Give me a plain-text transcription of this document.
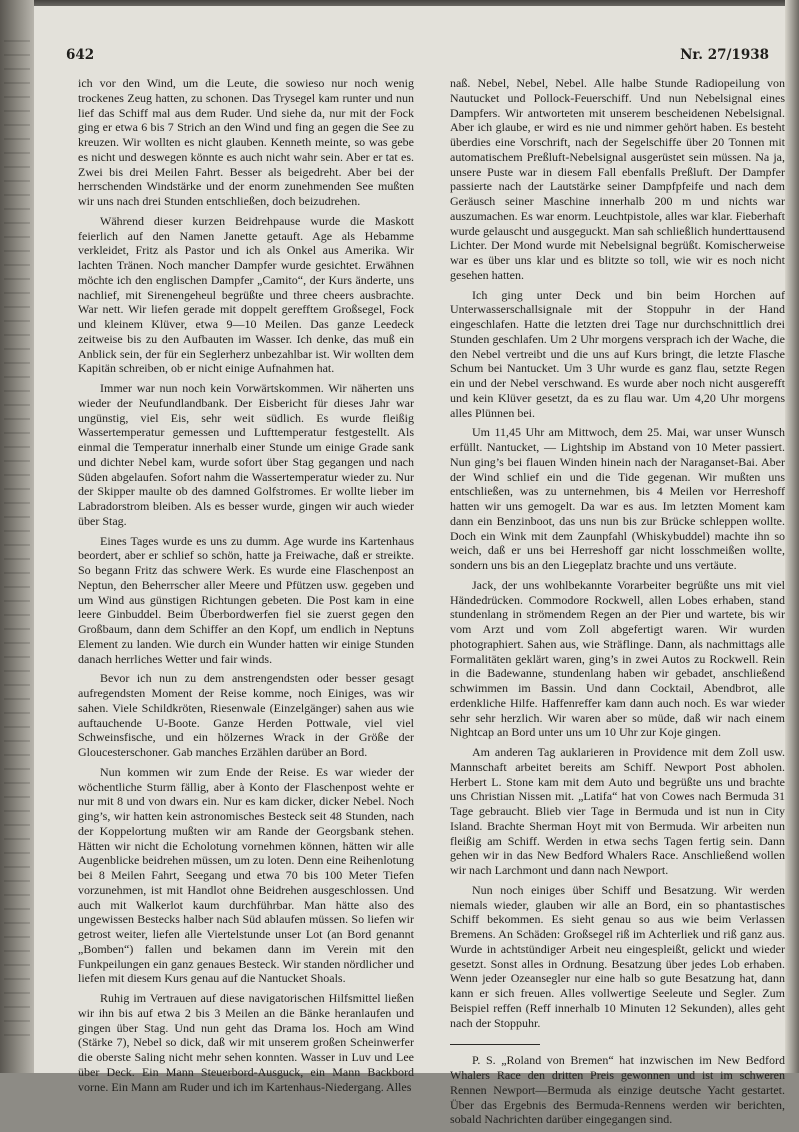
642	Nr. 27/1938

ich vor den Wind, um die Leute, die sowieso nur noch wenig trockenes Zeug hatten, zu schonen. Das Trysegel kam runter und nun lief das Schiff mal aus dem Ruder. Und siehe da, nur mit der Fock ging er etwa 6 bis 7 Strich an den Wind und fing an gegen die See zu kreuzen. Wir wollten es nicht glauben. Kenneth meinte, so was gebe es nicht und deswegen könnte es auch nicht wahr sein. Aber er tat es. Zwei bis drei Meilen Fahrt. Besser als beigedreht. Aber bei der herrschenden Windstärke und der enorm zunehmenden See mußten wir uns nach drei Stunden entschließen, doch beizudrehen.

Während dieser kurzen Beidrehpause wurde die Maskott feierlich auf den Namen Janette getauft. Age als Hebamme verkleidet, Fritz als Pastor und ich als Onkel aus Amerika. Wir lachten Tränen. Noch mancher Dampfer wurde gesichtet. Erwähnen möchte ich den englischen Dampfer „Camito“, der Kurs änderte, uns nachlief, mit Sirenengeheul begrüßte und three cheers ausbrachte. War nett. Wir liefen gerade mit doppelt gerefftem Großsegel, Fock und kleinem Klüver, etwa 9—10 Meilen. Das ganze Leedeck zeitweise bis zu den Aufbauten im Wasser. Ich denke, das muß ein Anblick sein, der für ein Seglerherz unbezahlbar ist. Wir wollten dem Kapitän schreiben, ob er nicht einige Aufnahmen hat.

Immer war nun noch kein Vorwärtskommen. Wir näherten uns wieder der Neufundlandbank. Der Eisbericht für dieses Jahr war ungünstig, viel Eis, sehr weit südlich. Es wurde fleißig Wassertemperatur gemessen und Lufttemperatur festgestellt. Als einmal die Temperatur innerhalb einer Stunde um einige Grade sank und dichter Nebel kam, wurde sofort über Stag gegangen und nach Süden abgelaufen. Sofort nahm die Wassertemperatur wieder zu. Nur der Skipper maulte ob des damned Golfstromes. Er wollte lieber im Labradorstrom bleiben. Als es besser wurde, gingen wir auch wieder über Stag.

Eines Tages wurde es uns zu dumm. Age wurde ins Kartenhaus beordert, aber er schlief so schön, hatte ja Freiwache, daß er streikte. So begann Fritz das schwere Werk. Es wurde eine Flaschenpost an Neptun, den Beherrscher aller Meere und Pfützen usw. gegeben und um Wind aus günstigen Richtungen gebeten. Die Post kam in eine leere Ginbuddel. Beim Überbordwerfen fiel sie zuerst gegen den Großbaum, dann dem Schiffer an den Kopf, um endlich in Neptuns Element zu landen. Wie durch ein Wunder hatten wir einige Stunden danach herrliches Wetter und fair winds.

Bevor ich nun zu dem anstrengendsten oder besser gesagt aufregendsten Moment der Reise komme, noch Einiges, was wir sahen. Viele Schildkröten, Riesenwale (Einzelgänger) sahen aus wie auftauchende U-Boote. Ganze Herden Pottwale, viel viel Schweinsfische, und ein hölzernes Wrack in der Größe der Gloucesterschoner. Gab manches Erzählen darüber an Bord.

Nun kommen wir zum Ende der Reise. Es war wieder der wöchentliche Sturm fällig, aber à Konto der Flaschenpost wehte er nur mit 8 und von dwars ein. Nur es kam dicker, dicker Nebel. Noch ging’s, wir hatten kein astronomisches Besteck seit 48 Stunden, nach der Koppelortung mußten wir am Rande der Georgsbank stehen. Hätten wir nicht die Echolotung vornehmen können, hätten wir alle Augenblicke beidrehen müssen, um zu loten. Denn eine Reihenlotung bei 8 Meilen Fahrt, Seegang und etwa 70 bis 100 Meter Tiefen vorzunehmen, ist mit Handlot ohne Beidrehen ausgeschlossen. Und auch mit Walkerlot kaum durchführbar. Man hätte also des ungewissen Bestecks halber nach Süd ablaufen müssen. So liefen wir getrost weiter, liefen alle Viertelstunde unser Lot (an Bord genannt „Bomben“) fallen und bekamen dann im Verein mit den Funkpeilungen ein ganz genaues Besteck. Wir standen nördlicher und liefen mit diesem Kurs genau auf die Nantucket Shoals.

Ruhig im Vertrauen auf diese navigatorischen Hilfsmittel ließen wir ihn bis auf etwa 2 bis 3 Meilen an die Bänke heranlaufen und gingen über Stag. Und nun geht das Drama los. Hoch am Wind (Stärke 7), Nebel so dick, daß wir mit unserem großen Scheinwerfer die oberste Saling nicht mehr sehen konnten. Wasser in Luv und Lee über Deck. Ein Mann Steuerbord-Ausguck, ein Mann Backbord vorne. Ein Mann am Ruder und ich im Kartenhaus-Niedergang. Alles

naß. Nebel, Nebel, Nebel. Alle halbe Stunde Radiopeilung von Nautucket und Pollock-Feuerschiff. Und nun Nebelsignal eines Dampfers. Wir antworteten mit unserem bescheidenen Nebelsignal. Aber ich glaube, er wird es nie und nimmer gehört haben. Es besteht überdies eine Vorschrift, nach der Segelschiffe über 20 Tonnen mit automatischem Preßluft-Nebelsignal ausgerüstet sein müssen. Na ja, unsere Puste war in diesem Fall ebenfalls Preßluft. Der Dampfer passierte nach der Lautstärke seiner Dampfpfeife und nach dem Geräusch seiner Maschine innerhalb 200 m und nichts war auszumachen. Es war enorm. Leuchtpistole, alles war klar. Fieberhaft wurde gelauscht und ausgeguckt. Man sah schließlich hunderttausend Lichter. Der Mond wurde mit Nebelsignal begrüßt. Komischerweise war es über uns klar und es blitzte so toll, wie wir es noch nicht gesehen hatten.

Ich ging unter Deck und bin beim Horchen auf Unterwasserschallsignale mit der Stoppuhr in der Hand eingeschlafen. Hatte die letzten drei Tage nur durchschnittlich drei Stunden geschlafen. Um 2 Uhr morgens versprach ich der Wache, die den Nebel vertreibt und die uns auf Kurs bringt, die letzte Flasche Schum bei Nantucket. Um 3 Uhr wurde es ganz flau, setzte Regen ein und der Nebel verschwand. Es wurde aber noch nicht ausgerefft und kein Klüver gesetzt, da es zu flau war. Um 4,20 Uhr morgens alles Plünnen bei.

Um 11,45 Uhr am Mittwoch, dem 25. Mai, war unser Wunsch erfüllt. Nantucket, — Lightship im Abstand von 10 Meter passiert. Nun ging’s bei flauen Winden hinein nach der Naraganset-Bai. Aber der Wind schlief ein und die Tide gegenan. Wir mußten uns entschließen, was zu unternehmen, bis 4 Meilen vor Herreshoff hatten wir uns gemogelt. Da war es aus. Im letzten Moment kam dann ein Benzinboot, das uns nun bis zur Brücke schleppen wollte. Doch ein Wink mit dem Zaunpfahl (Whiskybuddel) machte ihn so weich, daß er uns bei Herreshoff gar nicht losschmeißen wollte, sondern uns bis an den Liegeplatz brachte und uns vertäute.

Jack, der uns wohlbekannte Vorarbeiter begrüßte uns mit viel Händedrücken. Commodore Rockwell, allen Lobes erhaben, stand stundenlang in strömendem Regen an der Pier und wartete, bis wir vom Arzt und vom Zoll abgefertigt waren. Wir wurden photographiert. Sahen aus, wie Sträflinge. Dann, als nachmittags alle Formalitäten geklärt waren, ging’s in zwei Autos zu Rockwell. Rein in die Badewanne, stundenlang haben wir gebadet, anschließend schwimmen im Bassin. Und dann Cocktail, Abendbrot, alle erdenkliche Hilfe. Haffenreffer kam dann auch noch. Es war wieder sehr sehr herzlich. Wir waren aber so müde, daß wir nach einem Nightcap an Bord unter uns um 10 Uhr zur Koje gingen.

Am anderen Tag auklarieren in Providence mit dem Zoll usw. Mannschaft arbeitet bereits am Schiff. Newport Post abholen. Herbert L. Stone kam mit dem Auto und begrüßte uns und brachte uns Christian Nissen mit. „Latifa“ hat von Cowes nach Bermuda 31 Tage gebraucht. Blieb vier Tage in Bermuda und ist nun in City Island. Brachte Sherman Hoyt mit von Bermuda. Wir arbeiten nun fleißig am Schiff. Werden in etwa sechs Tagen fertig sein. Dann gehen wir in das New Bedford Whalers Race. Anschließend wollen wir nach Larchmont und dann nach Newport.

Nun noch einiges über Schiff und Besatzung. Wir werden niemals wieder, glauben wir alle an Bord, ein so phantastisches Schiff bekommen. Es sieht genau so aus wie beim Verlassen Bremens. An Schäden: Großsegel riß im Achterliek und riß ganz aus. Wurde in achtstündiger Arbeit neu eingespleißt, gelickt und wieder gesetzt. Sonst alles in Ordnung. Besatzung über jedes Lob erhaben. Wenn jeder Ozeansegler nur eine halb so gute Besatzung hat, dann kann er sich freuen. Alles vollwertige Seeleute und Segler. Zum Beispiel reffen (Reff innerhalb 10 Minuten 12 Sekunden), alles geht nach der Stoppuhr.

P. S. „Roland von Bremen“ hat inzwischen im New Bedford Whalers Race den dritten Preis gewonnen und ist im schweren Rennen Newport—Bermuda als einzige deutsche Yacht gestartet. Über das Ergebnis des Bermuda-Rennens werden wir berichten, sobald Nachrichten darüber eingegangen sind.
